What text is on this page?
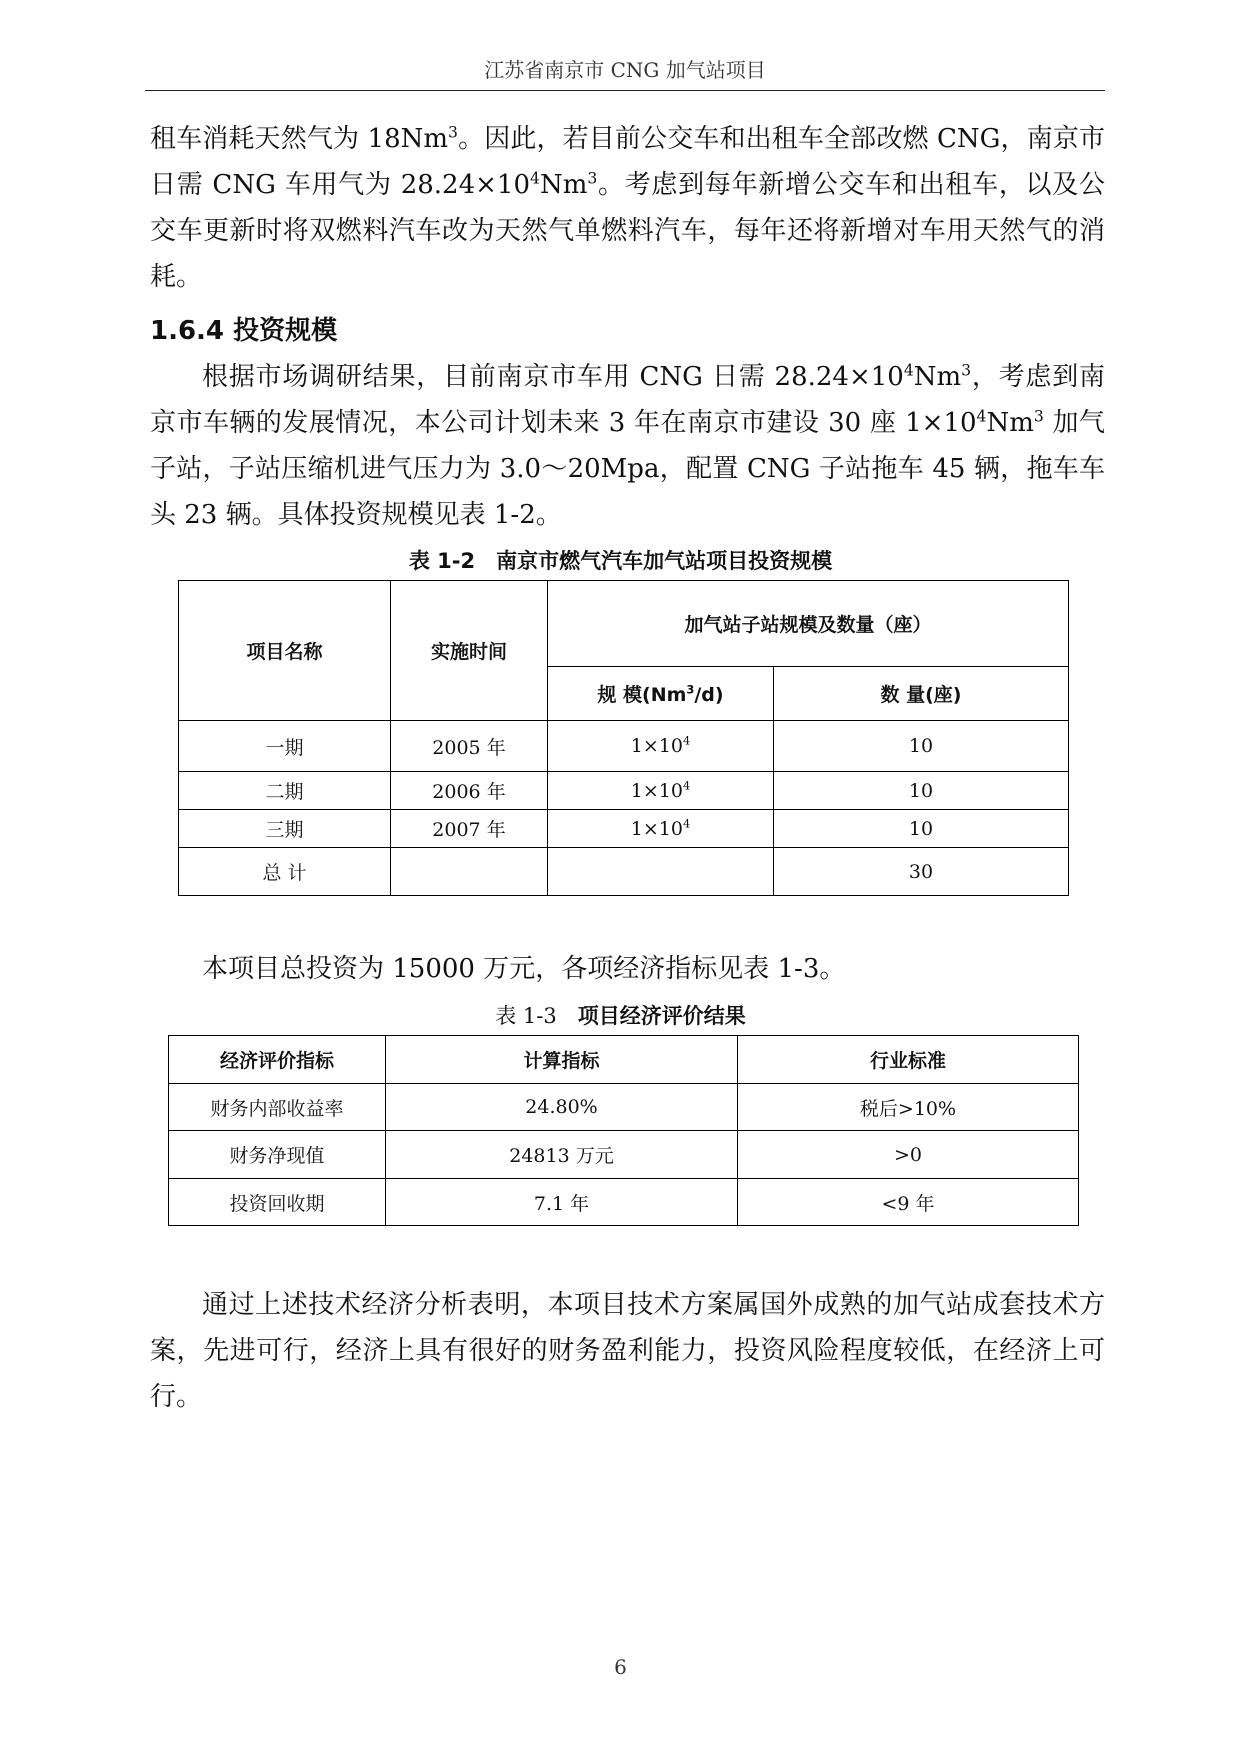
江苏省南京市 CNG 加气站项目

租车消耗天然气为 18Nm$^3$。因此，若目前公交车和出租车全部改燃 CNG，南京市日需 CNG 车用气为 $28.24\times 10^4Nm^3$。考虑到每年新增公交车和出租车，以及公交车更新时将双燃料汽车改为天然气单燃料汽车，每年还将新增对车用天然气的消耗。

1.6.4 投资规模

根据市场调研结果，目前南京市车用 CNG 日需 $28.24\times 10^4Nm^3$，考虑到南京市车辆的发展情况，本公司计划未来 3 年在南京市建设 30 座 $1\times 10^4Nm^3$ 加气子站，子站压缩机进气压力为 3.0～20Mpa，配置 CNG 子站拖车 45 辆，拖车车头 23 辆。具体投资规模见表 1-2。

表 1-2　南京市燃气汽车加气站项目投资规模
项目名称	实施时间	加气站子站规模及数量（座）	
		规 模(Nm$^3$/d)	数 量(座)
一期	2005 年	$1\times 10^4$	10
二期	2006 年	$1\times 10^4$	10
三期	2007 年	$1\times 10^4$	10
总 计			30

本项目总投资为 15000 万元，各项经济指标见表 1-3。

表 1-3　 项目经济评价结果
经济评价指标	计算指标	行业标准
财务内部收益率	24.80%	税后>10%
财务净现值	24813 万元	>0
投资回收期	7.1 年	<9 年

通过上述技术经济分析表明，本项目技术方案属国外成熟的加气站成套技术方案，先进可行，经济上具有很好的财务盈利能力，投资风险程度较低，在经济上可行。

6
